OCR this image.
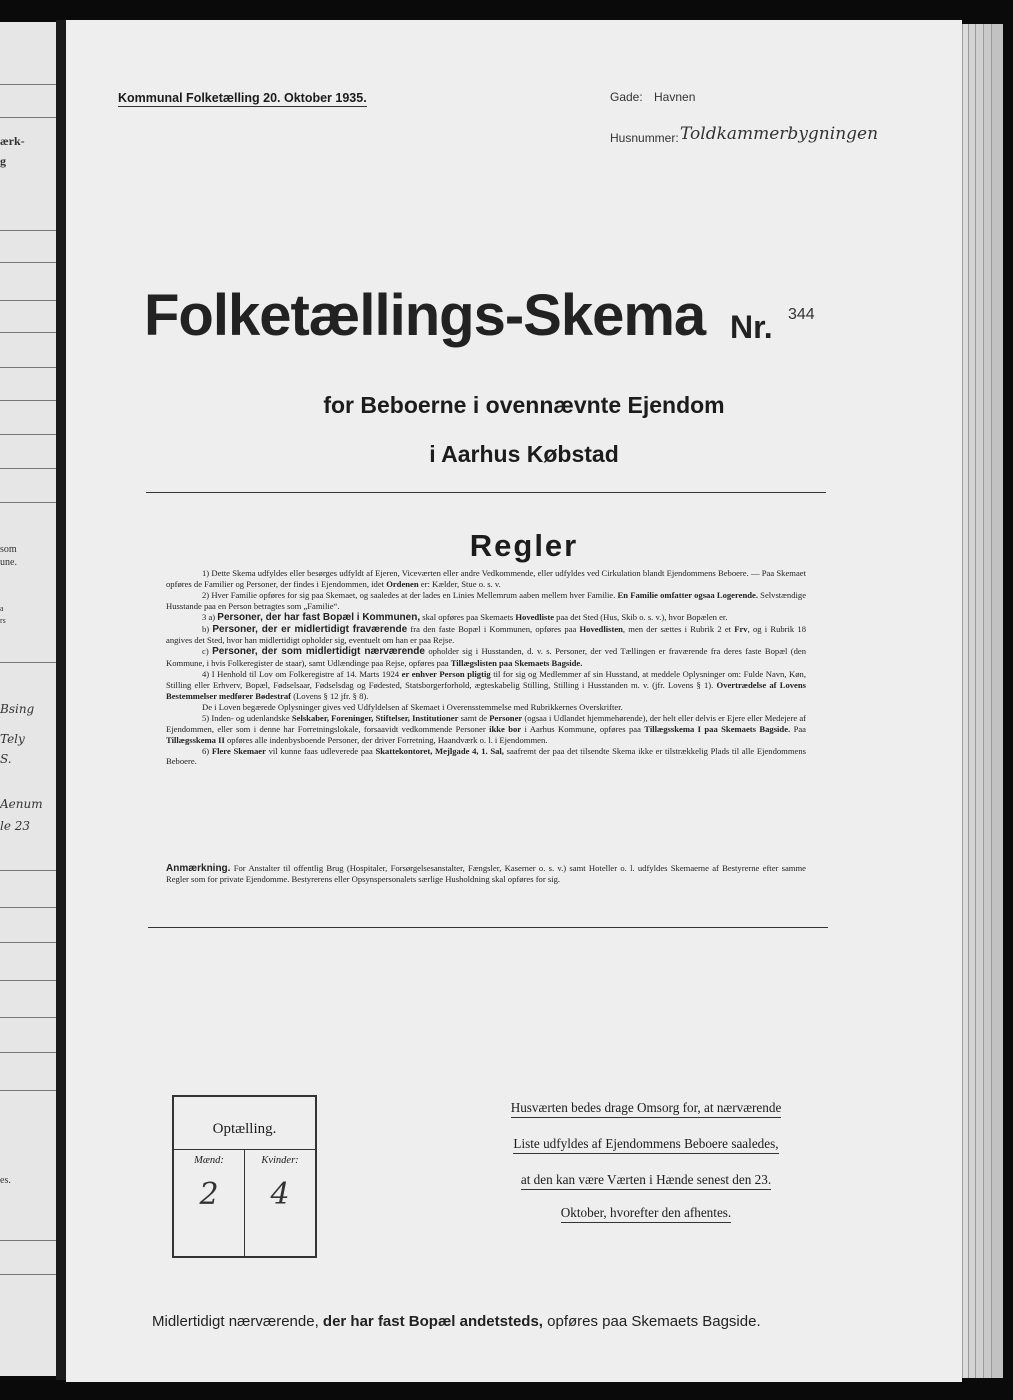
ærk-
g
som
une.
a
rs
Bsing
Tely
S.
Aenum
le 23
es.
Kommunal Folketælling 20. Oktober 1935.	Gade: Havnen
Husnummer: Toldkammerbygningen
Folketællings-Skema Nr. 344
for Beboerne i ovennævnte Ejendom
i Aarhus Købstad
Regler

1) Dette Skema udfyldes eller besørges udfyldt af Ejeren, Viceværten eller andre Vedkommende, eller udfyldes ved Cirkulation blandt Ejendommens Beboere. — Paa Skemaet opføres de Familier og Personer, der findes i Ejendommen, idet Ordenen er: Kælder, Stue o. s. v.

2) Hver Familie opføres for sig paa Skemaet, og saaledes at der lades en Linies Mellemrum aaben mellem hver Familie. En Familie omfatter ogsaa Logerende. Selvstændige Husstande paa en Person betragtes som „Familie“.

3 a) Personer, der har fast Bopæl i Kommunen, skal opføres paa Skemaets Hovedliste paa det Sted (Hus, Skib o. s. v.), hvor Bopælen er.

b) Personer, der er midlertidigt fraværende fra den faste Bopæl i Kommunen, opføres paa Hovedlisten, men der sættes i Rubrik 2 et Frv, og i Rubrik 18 angives det Sted, hvor han midlertidigt opholder sig, eventuelt om han er paa Rejse.

c) Personer, der som midlertidigt nærværende opholder sig i Husstanden, d. v. s. Personer, der ved Tællingen er fraværende fra deres faste Bopæl (den Kommune, i hvis Folkeregister de staar), samt Udlændinge paa Rejse, opføres paa Tillægslisten paa Skemaets Bagside.

4) I Henhold til Lov om Folkeregistre af 14. Marts 1924 er enhver Person pligtig til for sig og Medlemmer af sin Husstand, at meddele Oplysninger om: Fulde Navn, Køn, Stilling eller Erhverv, Bopæl, Fødselsaar, Fødselsdag og Fødested, Statsborgerforhold, ægteskabelig Stilling, Stilling i Husstanden m. v. (jfr. Lovens § 1). Overtrædelse af Lovens Bestemmelser medfører Bødestraf (Lovens § 12 jfr. § 8).

De i Loven begærede Oplysninger gives ved Udfyldelsen af Skemaet i Overensstemmelse med Rubrikkernes Overskrifter.

5) Inden- og udenlandske Selskaber, Foreninger, Stiftelser, Institutioner samt de Personer (ogsaa i Udlandet hjemmehørende), der helt eller delvis er Ejere eller Medejere af Ejendommen, eller som i denne har Forretningslokale, forsaavidt vedkommende Personer ikke bor i Aarhus Kommune, opføres paa Tillægsskema I paa Skemaets Bagside. Paa Tillægsskema II opføres alle indenbysboende Personer, der driver Forretning, Haandværk o. l. i Ejendommen.

6) Flere Skemaer vil kunne faas udleverede paa Skattekontoret, Mejlgade 4, 1. Sal, saafremt der paa det tilsendte Skema ikke er tilstrækkelig Plads til alle Ejendommens Beboere.

Anmærkning. For Anstalter til offentlig Brug (Hospitaler, Forsørgelsesanstalter, Fængsler, Kaserner o. s. v.) samt Hoteller o. l. udfyldes Skemaerne af Bestyrerne efter samme Regler som for private Ejendomme. Bestyrerens eller Opsynspersonalets særlige Husholdning skal opføres for sig.
Optælling.
Mænd:	Kvinder:
2	4
Husværten bedes drage Omsorg for, at nærværende
Liste udfyldes af Ejendommens Beboere saaledes,
at den kan være Værten i Hænde senest den 23.
Oktober, hvorefter den afhentes.
Midlertidigt nærværende, der har fast Bopæl andetsteds, opføres paa Skemaets Bagside.
